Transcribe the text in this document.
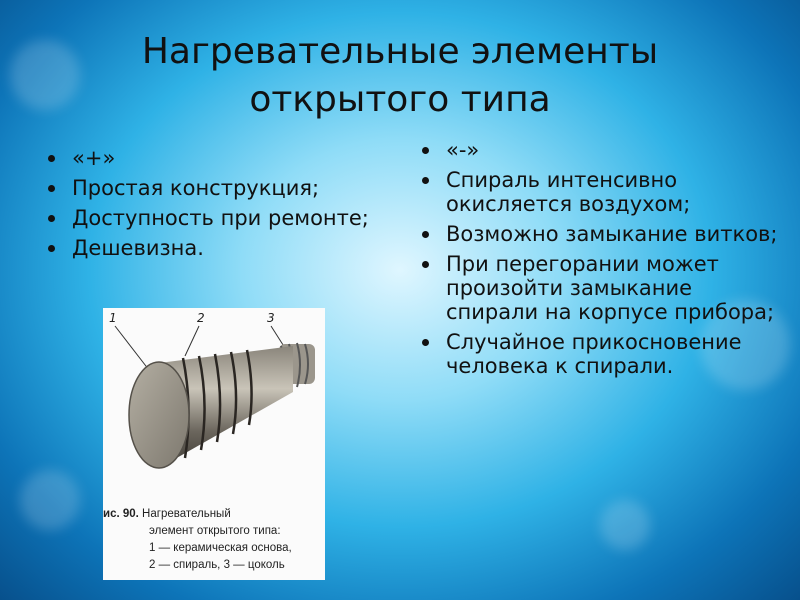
Нагревательные элементы
открытого типа
«+»
Простая конструкция;
Доступность при ремонте;
Дешевизна.
«-»
Спираль интенсивно окисляется воздухом;
Возможно замыкание витков;
При перегорании может произойти замыкание спирали на корпусе прибора;
Случайное прикосновение человека к спирали.
1	2	3
ис. 90. Нагревательный
элемент открытого типа:
1 — керамическая основа,
2 — спираль, 3 — цоколь
